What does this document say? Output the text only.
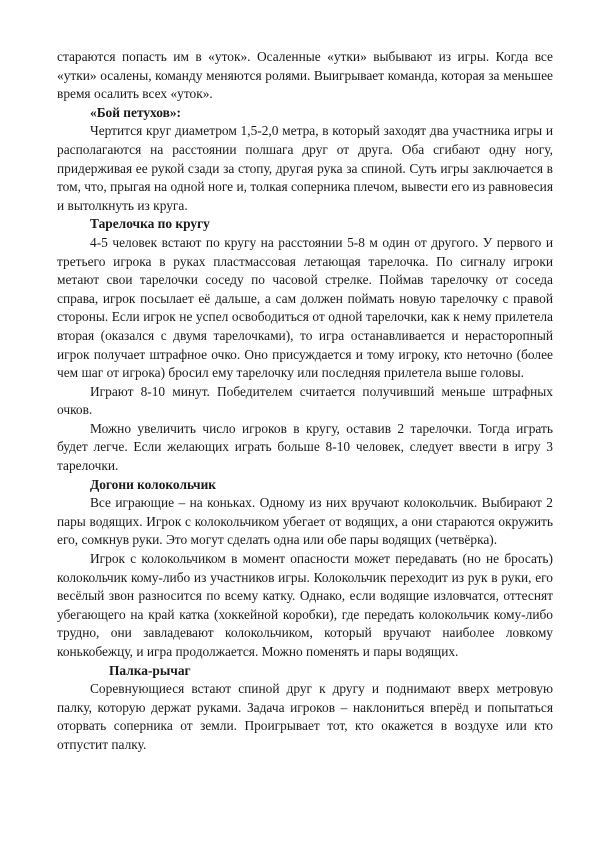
стараются попасть им в «уток». Осаленные «утки» выбывают из игры. Когда все «утки» осалены, команду меняются ролями. Выигрывает команда, которая за меньшее время осалить всех «уток».

«Бой петухов»:

Чертится круг диаметром 1,5-2,0 метра, в который заходят два участника игры и располагаются на расстоянии полшага друг от друга. Оба сгибают одну ногу, придерживая ее рукой сзади за стопу, другая рука за спиной. Суть игры заключается в том, что, прыгая на одной ноге и, толкая соперника плечом, вывести его из равновесия и вытолкнуть из круга.

Тарелочка по кругу

4-5 человек встают по кругу на расстоянии 5-8 м один от другого. У первого и третьего игрока в руках пластмассовая летающая тарелочка. По сигналу игроки метают свои тарелочки соседу по часовой стрелке. Поймав тарелочку от соседа справа, игрок посылает её дальше, а сам должен поймать новую тарелочку с правой стороны. Если игрок не успел освободиться от одной тарелочки, как к нему прилетела вторая (оказался с двумя тарелочками), то игра останавливается и нерасторопный игрок получает штрафное очко. Оно присуждается и тому игроку, кто неточно (более чем шаг от игрока) бросил ему тарелочку или последняя прилетела выше головы.

Играют 8-10 минут. Победителем считается получивший меньше штрафных очков.

Можно увеличить число игроков в кругу, оставив 2 тарелочки. Тогда играть будет легче. Если желающих играть больше 8-10 человек, следует ввести в игру 3 тарелочки.

Догони колокольчик

Все играющие – на коньках. Одному из них вручают колокольчик. Выбирают 2 пары водящих. Игрок с колокольчиком убегает от водящих, а они стараются окружить его, сомкнув руки. Это могут сделать одна или обе пары водящих (четвёрка).

Игрок с колокольчиком в момент опасности может передавать (но не бросать) колокольчик кому-либо из участников игры. Колокольчик переходит из рук в руки, его весёлый звон разносится по всему катку. Однако, если водящие изловчатся, оттеснят убегающего на край катка (хоккейной коробки), где передать колокольчик кому-либо трудно, они завладевают колокольчиком, который вручают наиболее ловкому конькобежцу, и игра продолжается. Можно поменять и пары водящих.

Палка-рычаг

Соревнующиеся встают спиной друг к другу и поднимают вверх метровую палку, которую держат руками. Задача игроков – наклониться вперёд и попытаться оторвать соперника от земли. Проигрывает тот, кто окажется в воздухе или кто отпустит палку.
